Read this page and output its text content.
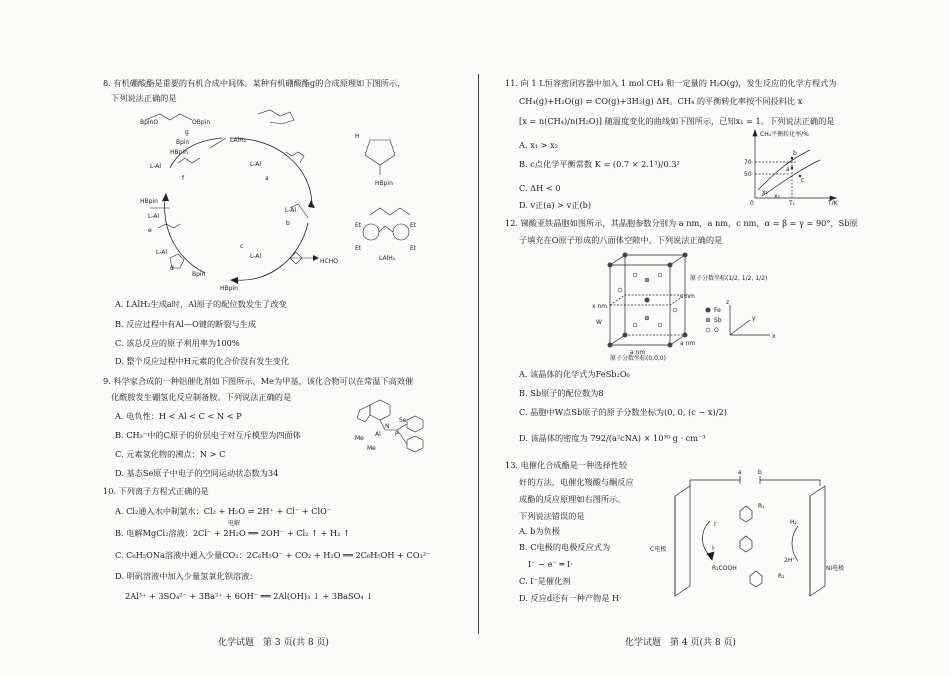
8. 有机硼酸酯是重要的有机合成中间体。某种有机硼酸酯g的合成原理如下图所示，
下列说法正确的是
BpinO	OBpin
LAlH₂
g
f	a
b
c
d
e
HBpin
HBpin
HCHO
L-Al	L-Al
L-Al
L-Al
L-Al
L-Al
Bpin
Bpin
HBpin
H
HBpin
LAlH₂
Et	Et
Et	Et
A. LAlH₂生成a时，Al原子的配位数发生了改变
B. 反应过程中有Al—O键的断裂与生成
C. 该总反应的原子利用率为100%
D. 整个反应过程中H元素的化合价没有发生变化
9. 科学家合成的一种铝催化剂如下图所示，Me为甲基，该化合物可以在常温下高效催
化酰胺发生硼氢化反应制备胺。下列说法正确的是
A. 电负性：H < Al < C < N < P
B. CH₃⁻中的C原子的价层电子对互斥模型为四面体
C. 元素氢化物的沸点：N > C
D. 基态Se原子中电子的空间运动状态数为34
Me
Me
Al
N
P
Se
10. 下列离子方程式正确的是
A. Cl₂通入水中制氯水：Cl₂ + H₂O ⇌ 2H⁺ + Cl⁻ + ClO⁻
B. 电解MgCl₂溶液：2Cl⁻ + 2H₂O ══ 2OH⁻ + Cl₂ ↑ + H₂ ↑
电解
C. C₆H₅ONa溶液中通入少量CO₂：2C₆H₅O⁻ + CO₂ + H₂O ══ 2C₆H₅OH + CO₃²⁻
D. 明矾溶液中加入少量氢氧化钡溶液：
2Al³⁺ + 3SO₄²⁻ + 3Ba²⁺ + 6OH⁻ ══ 2Al(OH)₃ ↓ + 3BaSO₄ ↓
化学试题　第 3 页(共 8 页)
11. 向 1 L恒容密闭容器中加入 1 mol CH₄ 和一定量的 H₂O(g)，发生反应的化学方程式为
CH₄(g)+H₂O(g) ⇌ CO(g)+3H₂(g) ΔH。CH₄ 的平衡转化率按不同投料比 x
[x = n(CH₄)/n(H₂O)] 随温度变化的曲线如下图所示，已知x₁ = 1。下列说法正确的是
A. x₁ > x₂
B. c点化学平衡常数 K = (0.7 × 2.1³)/0.3²
C. ΔH < 0
D. v正(a) > v正(b)
CH₄平衡转化率/%
70
50
0	T₁	T/K
x₁
x₂
a
b
c
12. 锑酸亚铁晶胞如图所示，其晶胞参数分别为 a nm，a nm，c nm，α = β = γ = 90°，Sb原
子填充在O原子形成的八面体空隙中。下列说法正确的是
原子分数坐标(1/2, 1/2, 1/2)
原子分数坐标(0,0,0)
x nm
c nm
a nm
a nm
W
Fe
Sb
O
z
y
x
A. 该晶体的化学式为FeSb₂O₆
B. Sb原子的配位数为8
C. 晶胞中W点Sb原子的原子分数坐标为(0, 0, (c − x)/2)
D. 该晶体的密度为 792/(a²cNA) × 10³⁰ g · cm⁻³
13. 电催化合成酯是一种选择性较
好的方法，电催化羧酸与酮反应
成酯的反应原理如右图所示。
下列说法错误的是
A. b为负极
B. C电极的电极反应式为
I⁻ − e⁻ ═ I·
C. I⁻是催化剂
D. 反应d还有一种产物是 H·
a	b
C电极
Ni电极
I⁻
I·
H₂
2H⁺
R₂COOH
R₁
R₂
化学试题　第 4 页(共 8 页)
